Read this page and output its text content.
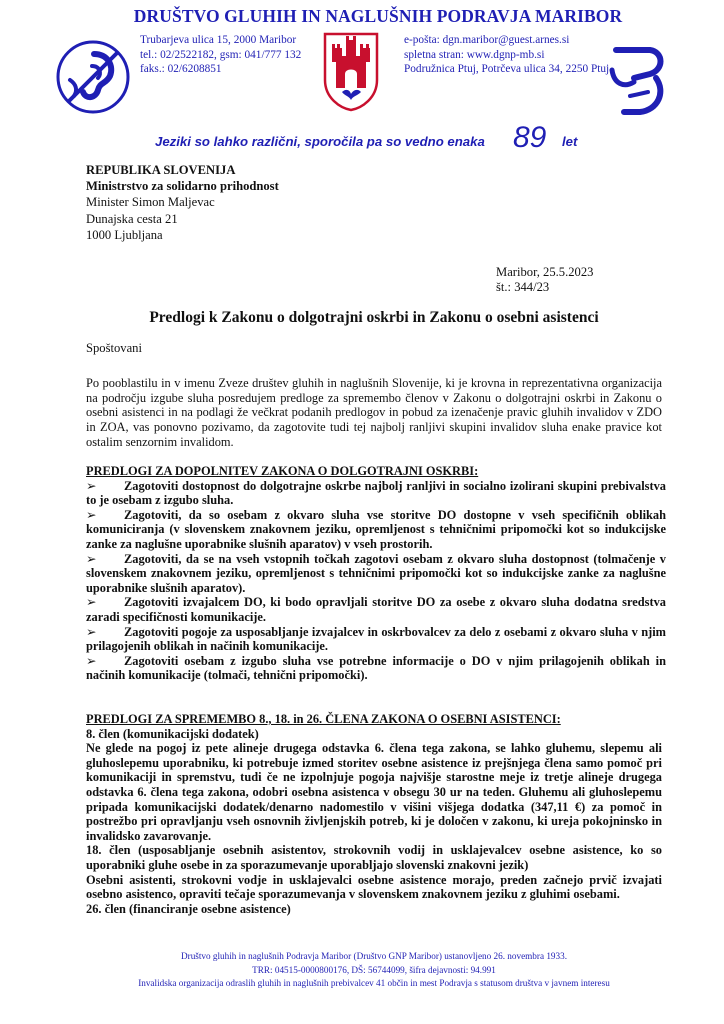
DRUŠTVO GLUHIH IN NAGLUŠNIH PODRAVJA MARIBOR
Trubarjeva ulica 15, 2000 Maribor
tel.: 02/2522182, gsm: 041/777 132
faks.: 02/6208851
e-pošta: dgn.maribor@guest.arnes.si
spletna stran: www.dgnp-mb.si
Podružnica Ptuj, Potrčeva ulica 34, 2250 Ptuj
Jeziki so lahko različni, sporočila pa so vedno enaka 89 let
REPUBLIKA SLOVENIJA
Ministrstvo za solidarno prihodnost
Minister Simon Maljevac
Dunajska cesta 21
1000 Ljubljana
Maribor, 25.5.2023
št.: 344/23
Predlogi k Zakonu o dolgotrajni oskrbi in Zakonu o osebni asistenci
Spoštovani
Po pooblastilu in v imenu Zveze društev gluhih in naglušnih Slovenije, ki je krovna in reprezentativna organizacija na področju izgube sluha posredujem predloge za spremembo členov v Zakonu o dolgotrajni oskrbi in Zakonu o osebni asistenci in na podlagi že večkrat podanih predlogov in pobud za izenačenje pravic gluhih invalidov v ZDO in ZOA, vas ponovno pozivamo, da zagotovite tudi tej najbolj ranljivi skupini invalidov sluha enake pravice kot ostalim senzornim invalidom.
PREDLOGI ZA DOPOLNITEV ZAKONA O DOLGOTRAJNI OSKRBI:
➢ Zagotoviti dostopnost do dolgotrajne oskrbe najbolj ranljivi in socialno izolirani skupini prebivalstva to je osebam z izgubo sluha.
➢ Zagotoviti, da so osebam z okvaro sluha vse storitve DO dostopne v vseh specifičnih oblikah komuniciranja (v slovenskem znakovnem jeziku, opremljenost s tehničnimi pripomočki kot so indukcijske zanke za naglušne uporabnike slušnih aparatov) v vseh prostorih.
➢ Zagotoviti, da se na vseh vstopnih točkah zagotovi osebam z okvaro sluha dostopnost (tolmačenje v slovenskem znakovnem jeziku, opremljenost s tehničnimi pripomočki kot so indukcijske zanke za naglušne uporabnike slušnih aparatov).
➢ Zagotoviti izvajalcem DO, ki bodo opravljali storitve DO za osebe z okvaro sluha dodatna sredstva zaradi specifičnosti komunikacije.
➢ Zagotoviti pogoje za usposabljanje izvajalcev in oskrbovalcev za delo z osebami z okvaro sluha v njim prilagojenih oblikah in načinih komunikacije.
➢ Zagotoviti osebam z izgubo sluha vse potrebne informacije o DO v njim prilagojenih oblikah in načinih komunikacije (tolmači, tehnični pripomočki).
PREDLOGI ZA SPREMEMBO 8., 18. in 26. ČLENA ZAKONA O OSEBNI ASISTENCI:
8. člen (komunikacijski dodatek)
Ne glede na pogoj iz pete alineje drugega odstavka 6. člena tega zakona, se lahko gluhemu, slepemu ali gluhoslepemu uporabniku, ki potrebuje izmed storitev osebne asistence iz prejšnjega člena samo pomoč pri komunikaciji in spremstvu, tudi če ne izpolnjuje pogoja najvišje starostne meje iz tretje alineje drugega odstavka 6. člena tega zakona, odobri osebna asistenca v obsegu 30 ur na teden. Gluhemu ali gluhoslepemu pripada komunikacijski dodatek/denarno nadomestilo v višini višjega dodatka (347,11 €) za pomoč in postrežbo pri opravljanju vseh osnovnih življenjskih potreb, ki je določen v zakonu, ki ureja pokojninsko in invalidsko zavarovanje.
18. člen (usposabljanje osebnih asistentov, strokovnih vodij in usklajevalcev osebne asistence, ko so uporabniki gluhe osebe in za sporazumevanje uporabljajo slovenski znakovni jezik)
Osebni asistenti, strokovni vodje in usklajevalci osebne asistence morajo, preden začnejo prvič izvajati osebno asistenco, opraviti tečaje sporazumevanja v slovenskem znakovnem jeziku z gluhimi osebami.
26. člen (financiranje osebne asistence)
Društvo gluhih in naglušnih Podravja Maribor (Društvo GNP Maribor) ustanovljeno 26. novembra 1933.
TRR: 04515-0000800176, DŠ: 56744099, šifra dejavnosti: 94.991
Invalidska organizacija odraslih gluhih in naglušnih prebivalcev 41 občin in mest Podravja s statusom društva v javnem interesu
